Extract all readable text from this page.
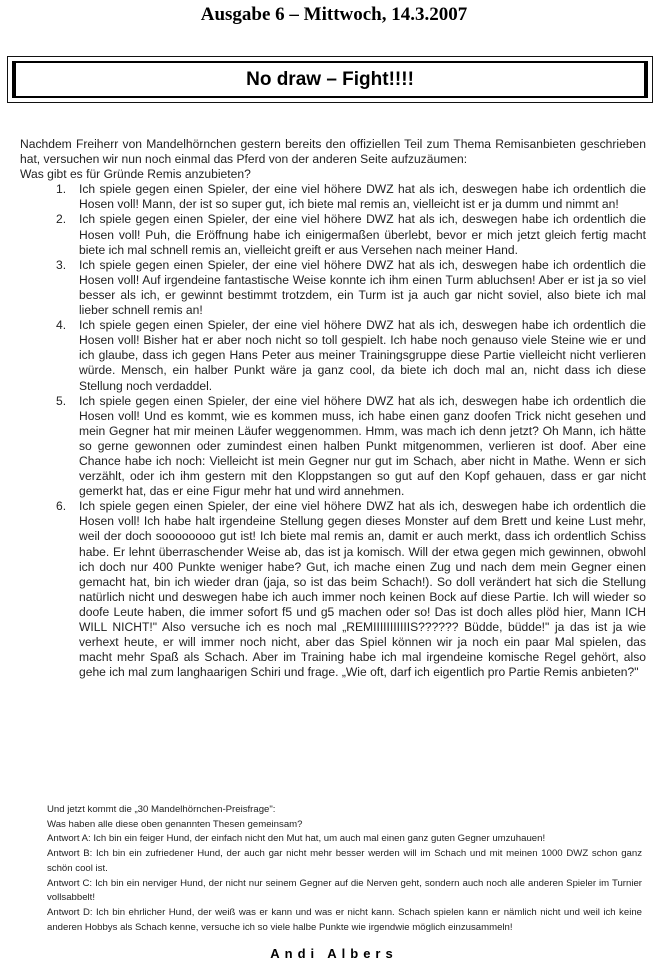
Ausgabe 6 – Mittwoch, 14.3.2007
No draw – Fight!!!!

Nachdem Freiherr von Mandelhörnchen gestern bereits den offiziellen Teil zum Thema Remisanbieten geschrieben hat, versuchen wir nun noch einmal das Pferd von der anderen Seite aufzuzäumen:

Was gibt es für Gründe Remis anzubieten?

1. Ich spiele gegen einen Spieler, der eine viel höhere DWZ hat als ich, deswegen habe ich ordentlich die Hosen voll! Mann, der ist so super gut, ich biete mal remis an, vielleicht ist er ja dumm und nimmt an!
2. Ich spiele gegen einen Spieler, der eine viel höhere DWZ hat als ich, deswegen habe ich ordentlich die Hosen voll! Puh, die Eröffnung habe ich einigermaßen überlebt, bevor er mich jetzt gleich fertig macht biete ich mal schnell remis an, vielleicht greift er aus Versehen nach meiner Hand.
3. Ich spiele gegen einen Spieler, der eine viel höhere DWZ hat als ich, deswegen habe ich ordentlich die Hosen voll! Auf irgendeine fantastische Weise konnte ich ihm einen Turm abluchsen! Aber er ist ja so viel besser als ich, er gewinnt bestimmt trotzdem, ein Turm ist ja auch gar nicht soviel, also biete ich mal lieber schnell remis an!
4. Ich spiele gegen einen Spieler, der eine viel höhere DWZ hat als ich, deswegen habe ich ordentlich die Hosen voll! Bisher hat er aber noch nicht so toll gespielt. Ich habe noch genauso viele Steine wie er und ich glaube, dass ich gegen Hans Peter aus meiner Trainingsgruppe diese Partie vielleicht nicht verlieren würde. Mensch, ein halber Punkt wäre ja ganz cool, da biete ich doch mal an, nicht dass ich diese Stellung noch verdaddel.
5. Ich spiele gegen einen Spieler, der eine viel höhere DWZ hat als ich, deswegen habe ich ordentlich die Hosen voll! Und es kommt, wie es kommen muss, ich habe einen ganz doofen Trick nicht gesehen und mein Gegner hat mir meinen Läufer weggenommen. Hmm, was mach ich denn jetzt? Oh Mann, ich hätte so gerne gewonnen oder zumindest einen halben Punkt mitgenommen, verlieren ist doof. Aber eine Chance habe ich noch: Vielleicht ist mein Gegner nur gut im Schach, aber nicht in Mathe. Wenn er sich verzählt, oder ich ihm gestern mit den Kloppstangen so gut auf den Kopf gehauen, dass er gar nicht gemerkt hat, das er eine Figur mehr hat und wird annehmen.
6. Ich spiele gegen einen Spieler, der eine viel höhere DWZ hat als ich, deswegen habe ich ordentlich die Hosen voll! Ich habe halt irgendeine Stellung gegen dieses Monster auf dem Brett und keine Lust mehr, weil der doch soooooooo gut ist! Ich biete mal remis an, damit er auch merkt, dass ich ordentlich Schiss habe. Er lehnt überraschender Weise ab, das ist ja komisch. Will der etwa gegen mich gewinnen, obwohl ich doch nur 400 Punkte weniger habe? Gut, ich mache einen Zug und nach dem mein Gegner einen gemacht hat, bin ich wieder dran (jaja, so ist das beim Schach!). So doll verändert hat sich die Stellung natürlich nicht und deswegen habe ich auch immer noch keinen Bock auf diese Partie. Ich will wieder so doofe Leute haben, die immer sofort f5 und g5 machen oder so! Das ist doch alles plöd hier, Mann ICH WILL NICHT!" Also versuche ich es noch mal „REMIIIIIIIIIIIS?????? Büdde, büdde!" ja das ist ja wie verhext heute, er will immer noch nicht, aber das Spiel können wir ja noch ein paar Mal spielen, das macht mehr Spaß als Schach. Aber im Training habe ich mal irgendeine komische Regel gehört, also gehe ich mal zum langhaarigen Schiri und frage. „Wie oft, darf ich eigentlich pro Partie Remis anbieten?"

Und jetzt kommt die „30 Mandelhörnchen-Preisfrage":

Was haben alle diese oben genannten Thesen gemeinsam?

Antwort A: Ich bin ein feiger Hund, der einfach nicht den Mut hat, um auch mal einen ganz guten Gegner umzuhauen!

Antwort B: Ich bin ein zufriedener Hund, der auch gar nicht mehr besser werden will im Schach und mit meinen 1000 DWZ schon ganz schön cool ist.

Antwort C: Ich bin ein nerviger Hund, der nicht nur seinem Gegner auf die Nerven geht, sondern auch noch alle anderen Spieler im Turnier vollsabbelt!

Antwort D: Ich bin ehrlicher Hund, der weiß was er kann und was er nicht kann. Schach spielen kann er nämlich nicht und weil ich keine anderen Hobbys als Schach kenne, versuche ich so viele halbe Punkte wie irgendwie möglich einzusammeln!

Andi Albers
